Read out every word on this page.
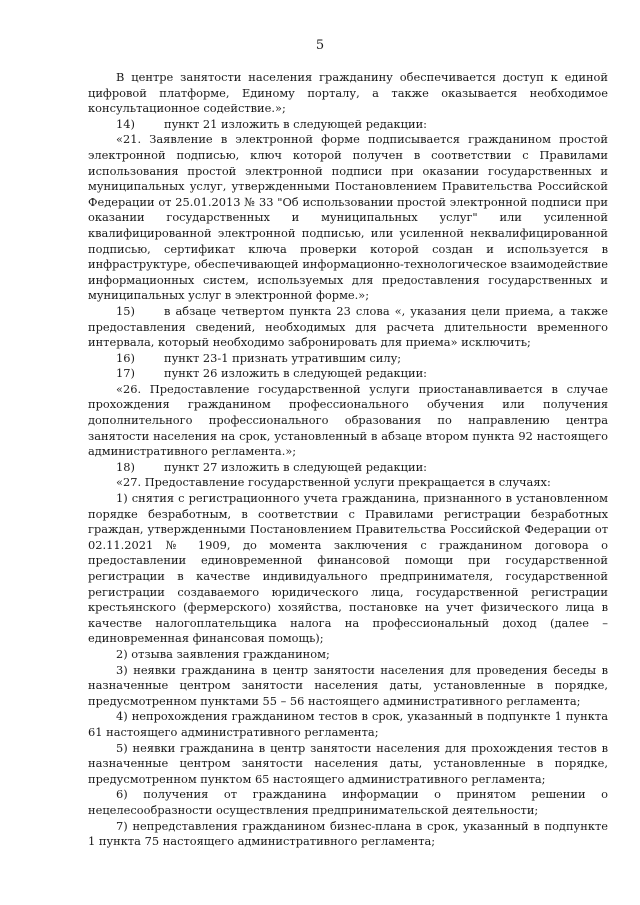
5

В центре занятости населения гражданину обеспечивается доступ к единой цифровой платформе, Единому порталу, а также оказывается необходимое консультационное содействие.»;

14)	пункт 21 изложить в следующей редакции:

«21. Заявление в электронной форме подписывается гражданином простой электронной подписью, ключ которой получен в соответствии с Правилами использования простой электронной подписи при оказании государственных и муниципальных услуг, утвержденными Постановлением Правительства Российской Федерации от 25.01.2013 № 33 "Об использовании простой электронной подписи при оказании государственных и муниципальных услуг" или усиленной квалифицированной электронной подписью, или усиленной неквалифицированной подписью, сертификат ключа проверки которой создан и используется в инфраструктуре, обеспечивающей информационно-технологическое взаимодействие информационных систем, используемых для предоставления государственных и муниципальных услуг в электронной форме.»;

15)	в абзаце четвертом пункта 23 слова «, указания цели приема, а также предоставления сведений, необходимых для расчета длительности временного интервала, который необходимо забронировать для приема» исключить;

16)	пункт 23-1 признать утратившим силу;

17)	пункт 26 изложить в следующей редакции:

«26. Предоставление государственной услуги приостанавливается в случае прохождения гражданином профессионального обучения или получения дополнительного профессионального образования по направлению центра занятости населения на срок, установленный в абзаце втором пункта 92 настоящего административного регламента.»;

18)	пункт 27 изложить в следующей редакции:

«27. Предоставление государственной услуги прекращается в случаях:

1) снятия с регистрационного учета гражданина, признанного в установленном порядке безработным, в соответствии с Правилами регистрации безработных граждан, утвержденными Постановлением Правительства Российской Федерации от 02.11.2021 № 1909, до момента заключения с гражданином договора о предоставлении единовременной финансовой помощи при государственной регистрации в качестве индивидуального предпринимателя, государственной регистрации создаваемого юридического лица, государственной регистрации крестьянского (фермерского) хозяйства, постановке на учет физического лица в качестве налогоплательщика налога на профессиональный доход (далее – единовременная финансовая помощь);

2) отзыва заявления гражданином;

3) неявки гражданина в центр занятости населения для проведения беседы в назначенные центром занятости населения даты, установленные в порядке, предусмотренном пунктами 55 – 56 настоящего административного регламента;

4) непрохождения гражданином тестов в срок, указанный в подпункте 1 пункта 61 настоящего административного регламента;

5) неявки гражданина в центр занятости населения для прохождения тестов в назначенные центром занятости населения даты, установленные в порядке, предусмотренном пунктом 65 настоящего административного регламента;

6) получения от гражданина информации о принятом решении о нецелесообразности осуществления предпринимательской деятельности;

7) непредставления гражданином бизнес-плана в срок, указанный в подпункте 1 пункта 75 настоящего административного регламента;
